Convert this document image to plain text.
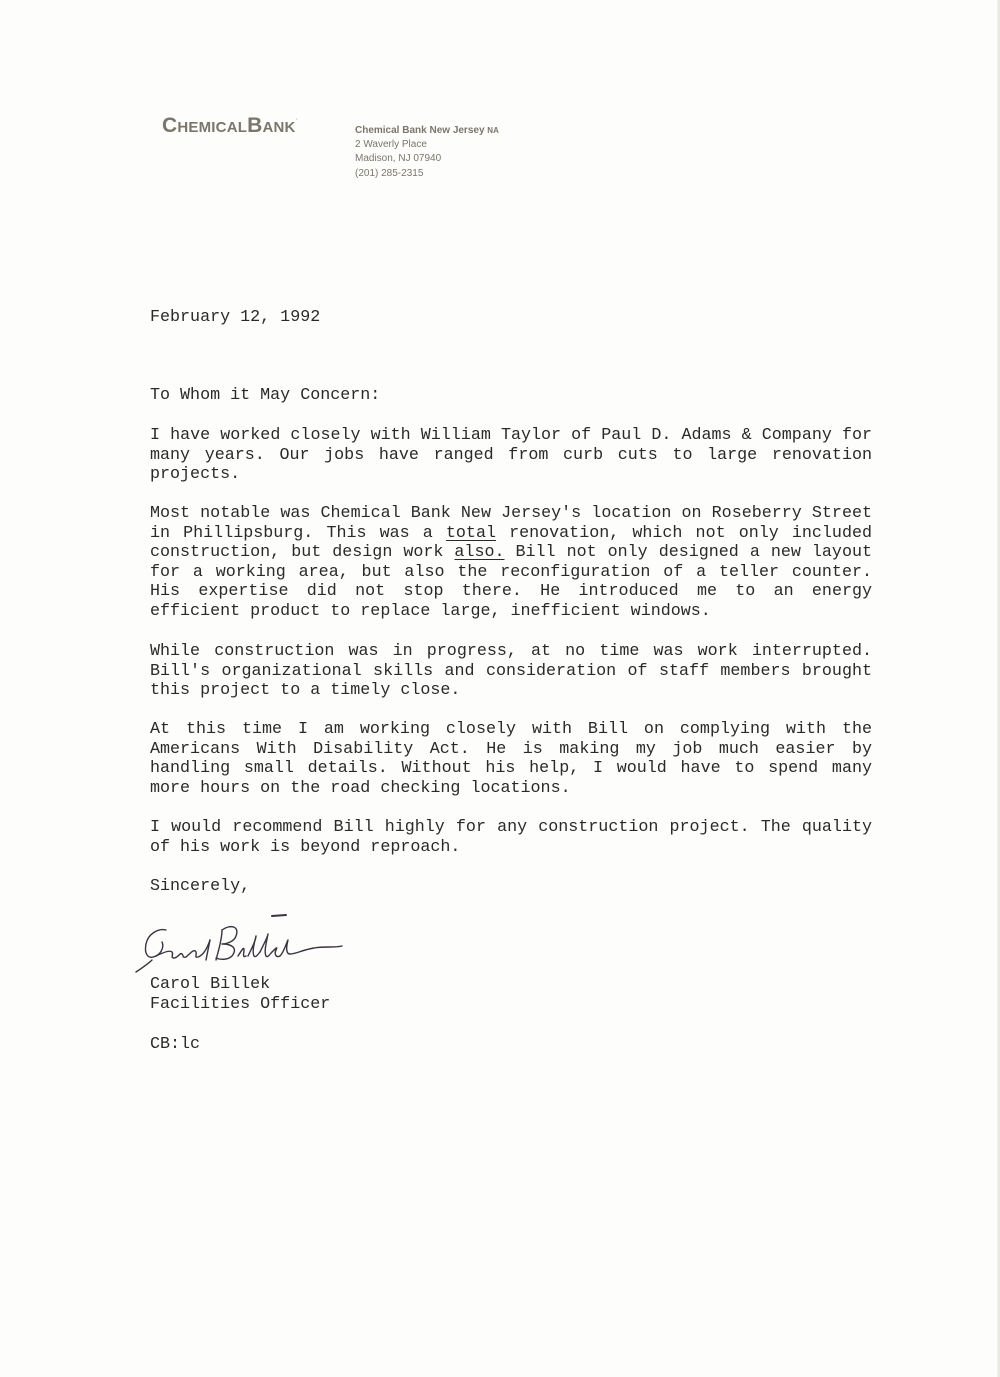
ChemicalBank·
Chemical Bank New Jersey NA
2 Waverly Place
Madison, NJ 07940
(201) 285-2315

February 12, 1992

To Whom it May Concern:

I have worked closely with William Taylor of Paul D. Adams & Company for many years. Our jobs have ranged from curb cuts to large renovation projects.

Most notable was Chemical Bank New Jersey's location on Roseberry Street in Phillipsburg. This was a total renovation, which not only included construction, but design work also. Bill not only designed a new layout for a working area, but also the reconfiguration of a teller counter. His expertise did not stop there. He introduced me to an energy efficient product to replace large, inefficient windows.

While construction was in progress, at no time was work interrupted. Bill's organizational skills and consideration of staff members brought this project to a timely close.

At this time I am working closely with Bill on complying with the Americans With Disability Act. He is making my job much easier by handling small details. Without his help, I would have to spend many more hours on the road checking locations.

I would recommend Bill highly for any construction project. The quality of his work is beyond reproach.

Sincerely,

Carol Billek

Facilities Officer

CB:lc
